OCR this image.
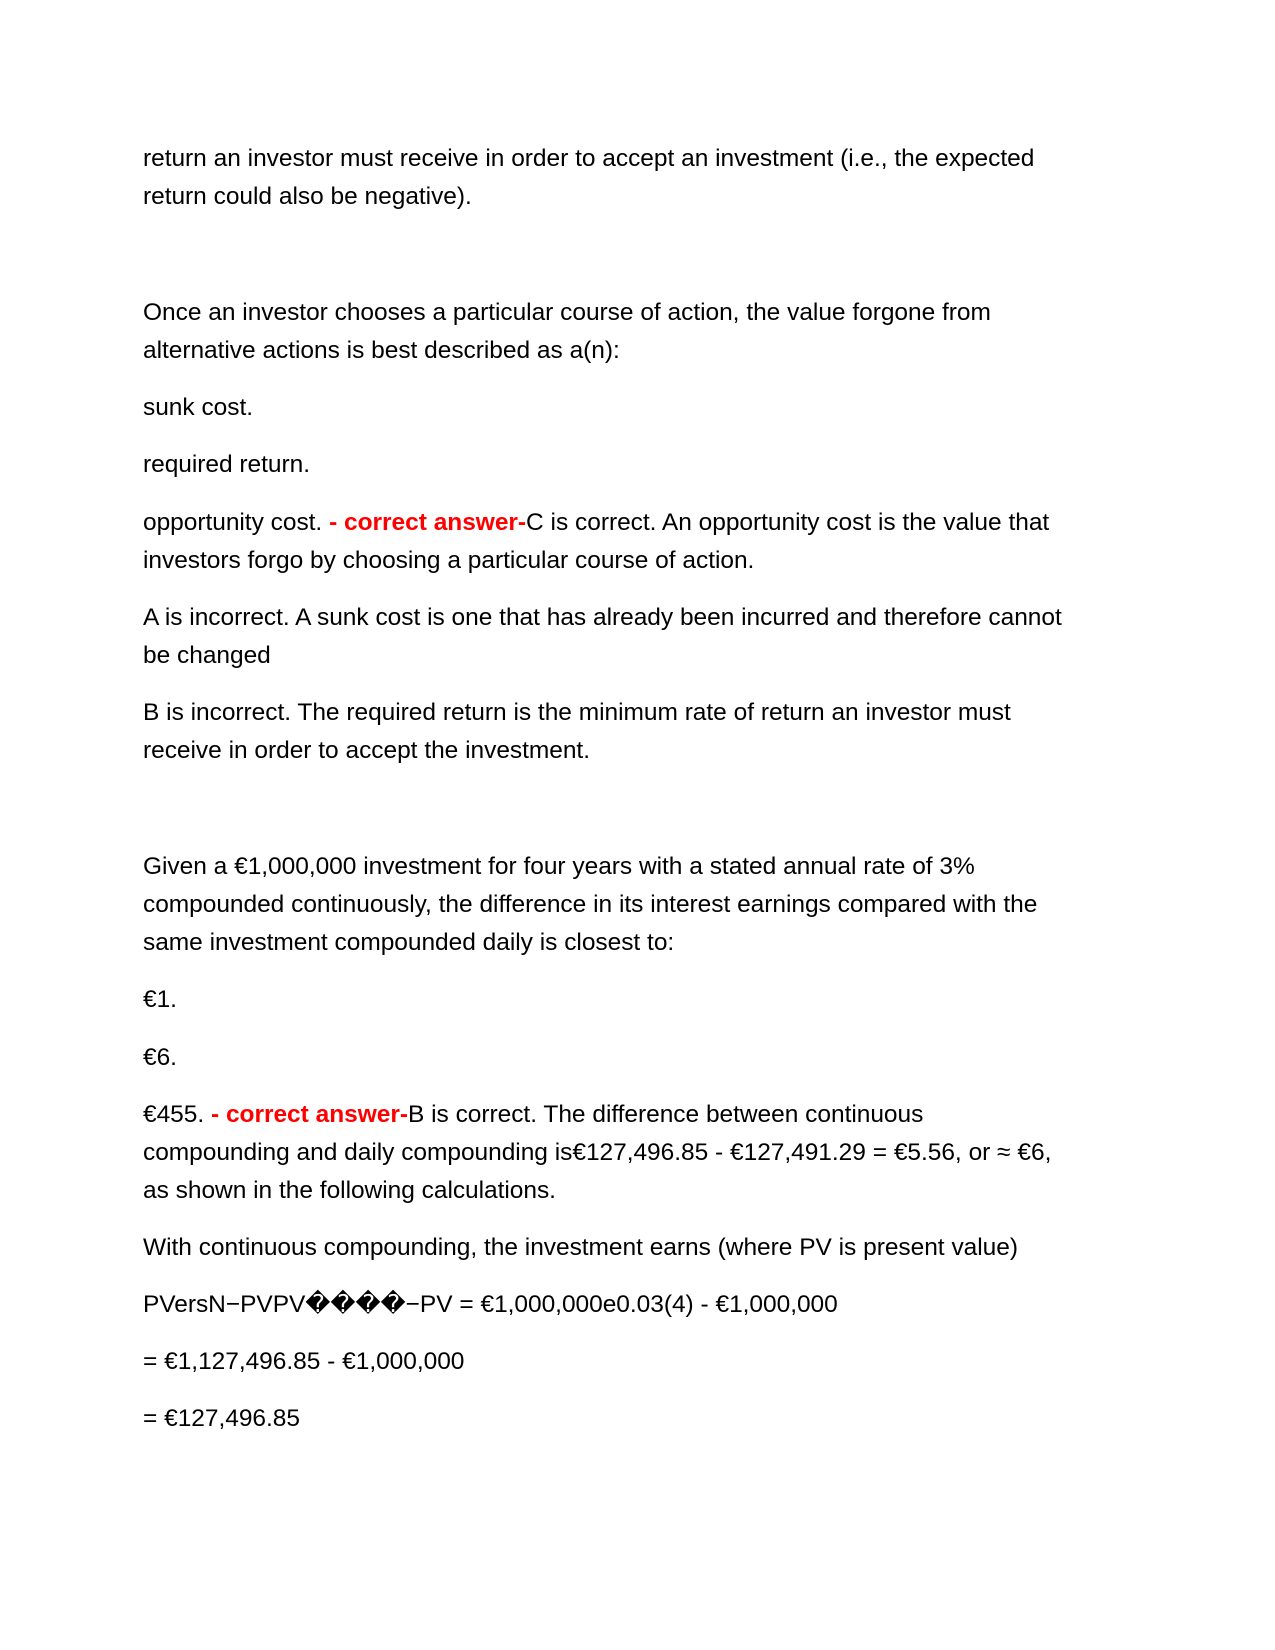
return an investor must receive in order to accept an investment (i.e., the expected return could also be negative).

Once an investor chooses a particular course of action, the value forgone from alternative actions is best described as a(n):

sunk cost.

required return.

opportunity cost. - correct answer-C is correct. An opportunity cost is the value that investors forgo by choosing a particular course of action.

A is incorrect. A sunk cost is one that has already been incurred and therefore cannot be changed

B is incorrect. The required return is the minimum rate of return an investor must receive in order to accept the investment.

Given a €1,000,000 investment for four years with a stated annual rate of 3% compounded continuously, the difference in its interest earnings compared with the same investment compounded daily is closest to:

€1.

€6.

€455. - correct answer-B is correct. The difference between continuous compounding and daily compounding is€127,496.85 - €127,491.29 = €5.56, or ≈ €6, as shown in the following calculations.

With continuous compounding, the investment earns (where PV is present value)

PVersN−PVPV����−PV = €1,000,000e0.03(4) - €1,000,000

= €1,127,496.85 - €1,000,000

= €127,496.85
